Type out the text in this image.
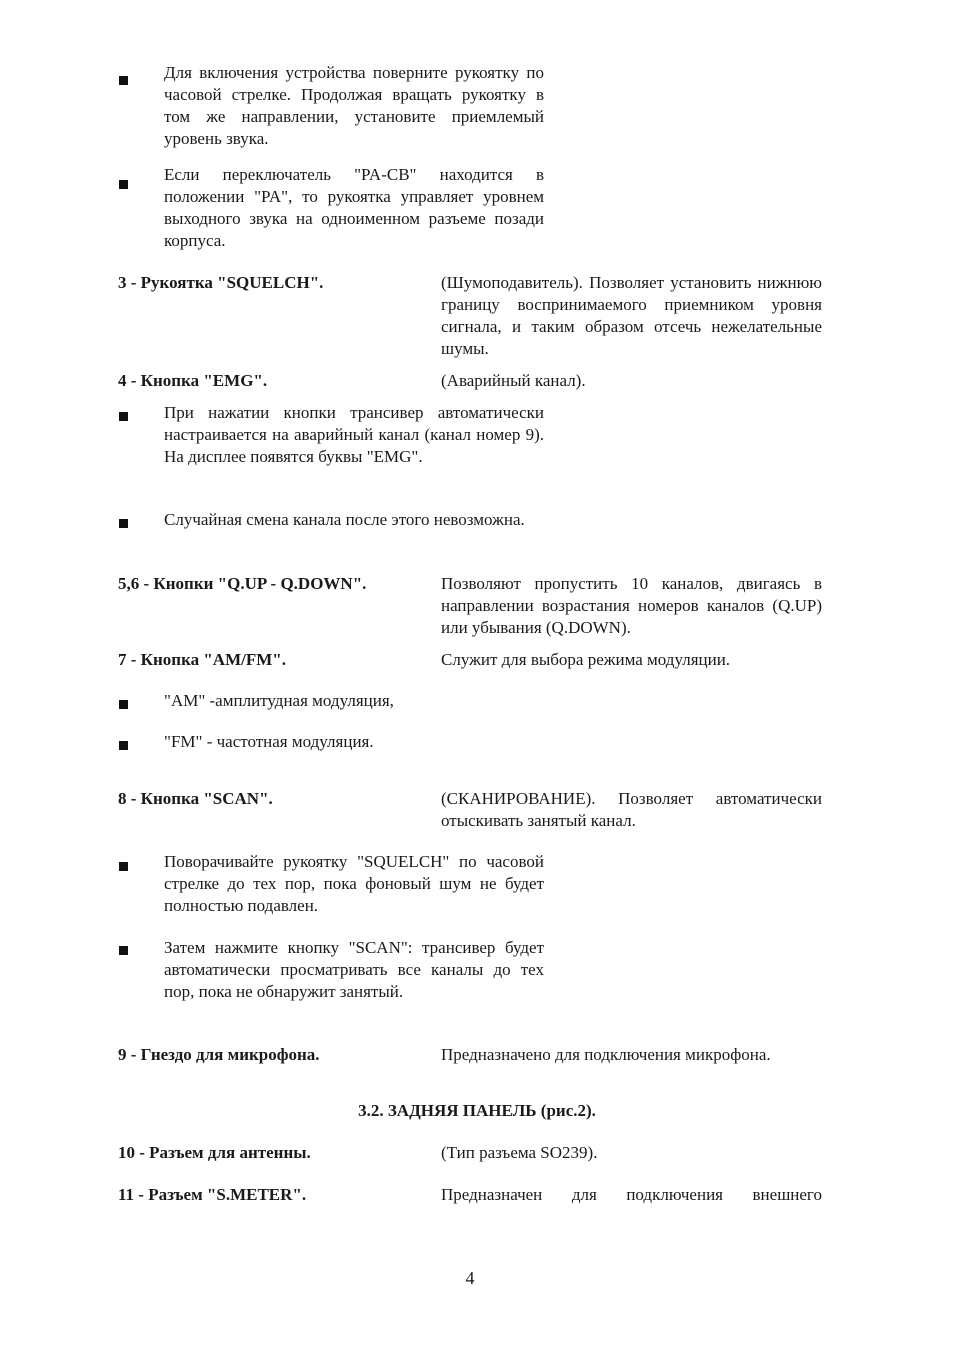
Для включения устройства поверните рукоятку по часовой стрелке. Продолжая вращать рукоятку в том же направлении, установите приемлемый уровень звука.
Если переключатель "PA-CB" находится в положении "PA", то рукоятка управляет уровнем выходного звука на одноименном разъеме позади корпуса.
3 - Рукоятка "SQUELCH".	(Шумоподавитель). Позволяет установить нижнюю границу воспринимаемого приемником уровня сигнала, и таким образом отсечь нежелательные шумы.
4 - Кнопка "EMG".	(Аварийный канал).
При нажатии кнопки трансивер автоматически настраивается на аварийный канал (канал номер 9). На дисплее появятся буквы "EMG".
Случайная смена канала после этого невозможна.
5,6 - Кнопки "Q.UP - Q.DOWN".	Позволяют пропустить 10 каналов, двигаясь в направлении возрастания номеров каналов (Q.UP) или убывания (Q.DOWN).
7 - Кнопка "AM/FM".	Служит для выбора режима модуляции.
"AM" -амплитудная модуляция,
"FM" - частотная модуляция.
8 - Кнопка "SCAN".	(СКАНИРОВАНИЕ). Позволяет автоматически отыскивать занятый канал.
Поворачивайте рукоятку "SQUELCH" по часовой стрелке до тех пор, пока фоновый шум не будет полностью подавлен.
Затем нажмите кнопку "SCAN": трансивер будет автоматически просматривать все каналы до тех пор, пока не обнаружит занятый.
9 - Гнездо для микрофона.	Предназначено для подключения микрофона.
3.2. ЗАДНЯЯ ПАНЕЛЬ (рис.2).
10 - Разъем для антенны.	(Тип разъема SO239).
11 - Разъем "S.METER".	Предназначен для подключения внешнего
4
